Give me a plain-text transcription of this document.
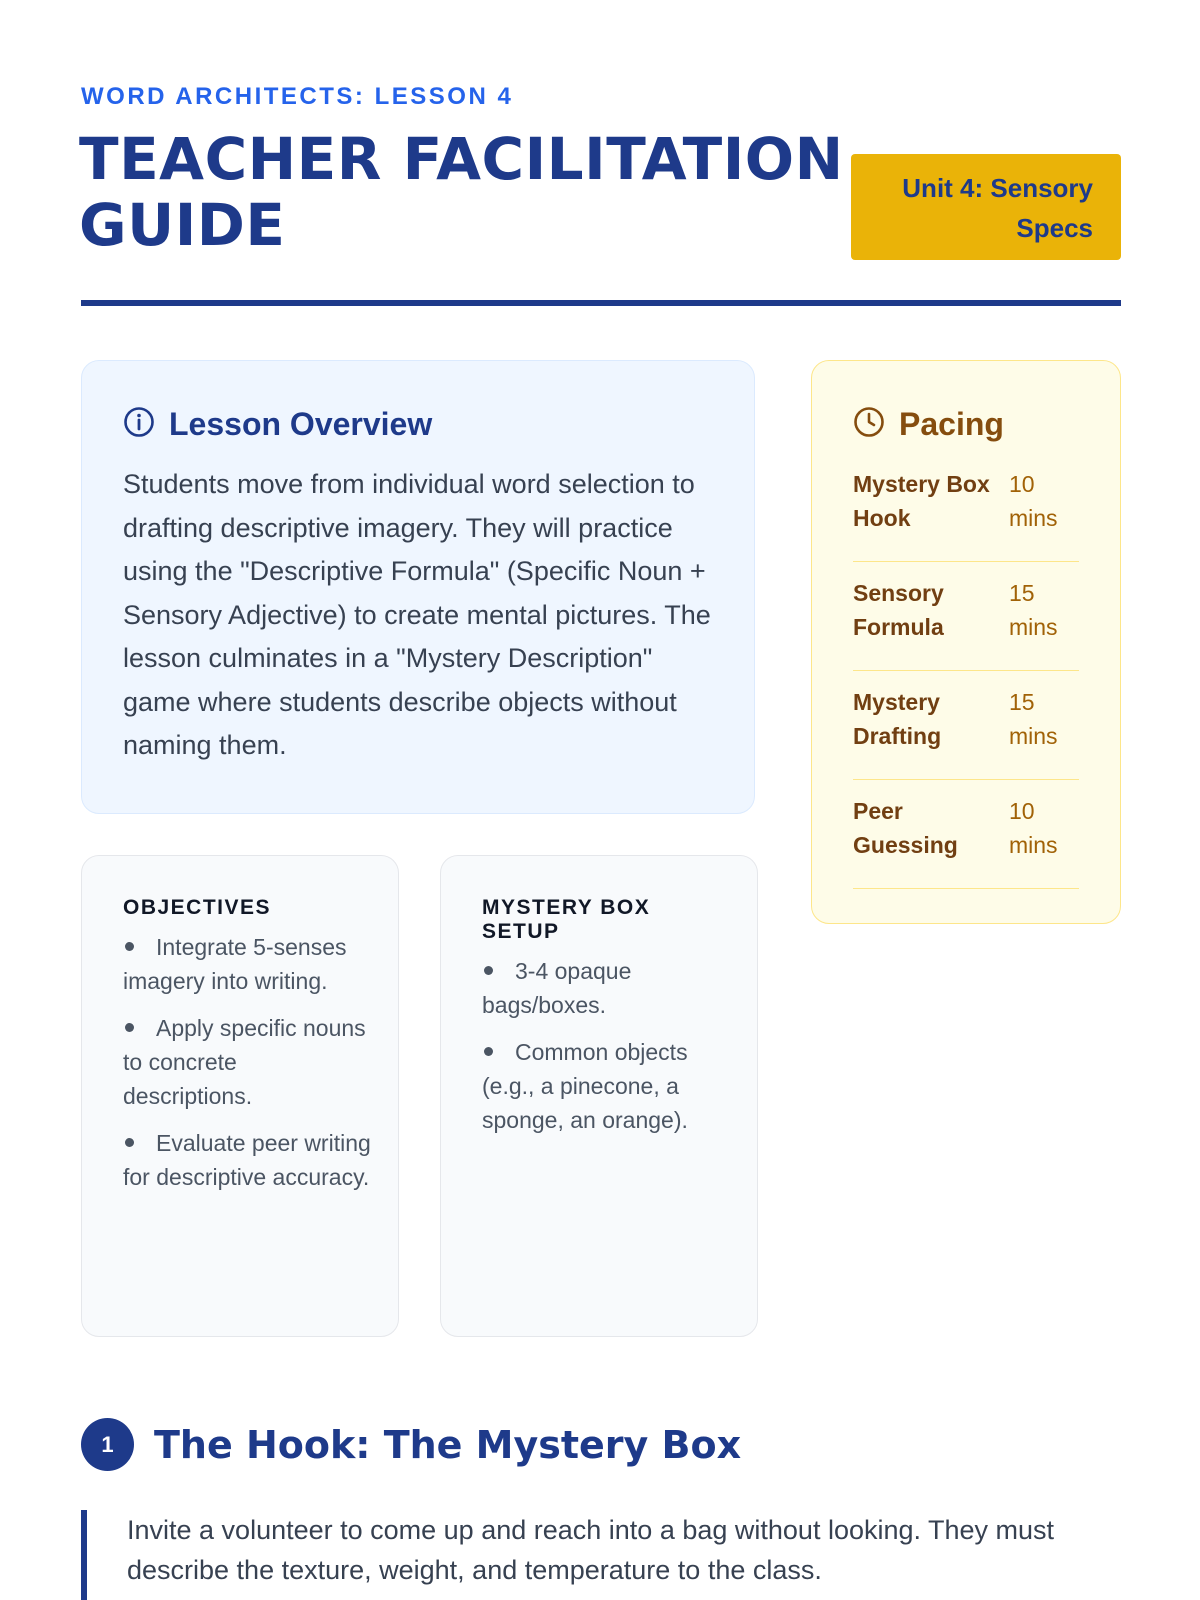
WORD ARCHITECTS: LESSON 4
TEACHER FACILITATION GUIDE
Unit 4: Sensory Specs
Lesson Overview

Students move from individual word selection to drafting descriptive imagery. They will practice using the "Descriptive Formula" (Specific Noun + Sensory Adjective) to create mental pictures. The lesson culminates in a "Mystery Description" game where students describe objects without naming them.

Pacing
Mystery Box Hook
10 mins
Sensory Formula
15 mins
Mystery Drafting
15 mins
Peer Guessing
10 mins
OBJECTIVES
Integrate 5-senses imagery into writing.
Apply specific nouns to concrete descriptions.
Evaluate peer writing for descriptive accuracy.
MYSTERY BOX SETUP
3-4 opaque bags/boxes.
Common objects (e.g., a pinecone, a sponge, an orange).
1	The Hook: The Mystery Box
Invite a volunteer to come up and reach into a bag without looking. They must describe the texture, weight, and temperature to the class.
